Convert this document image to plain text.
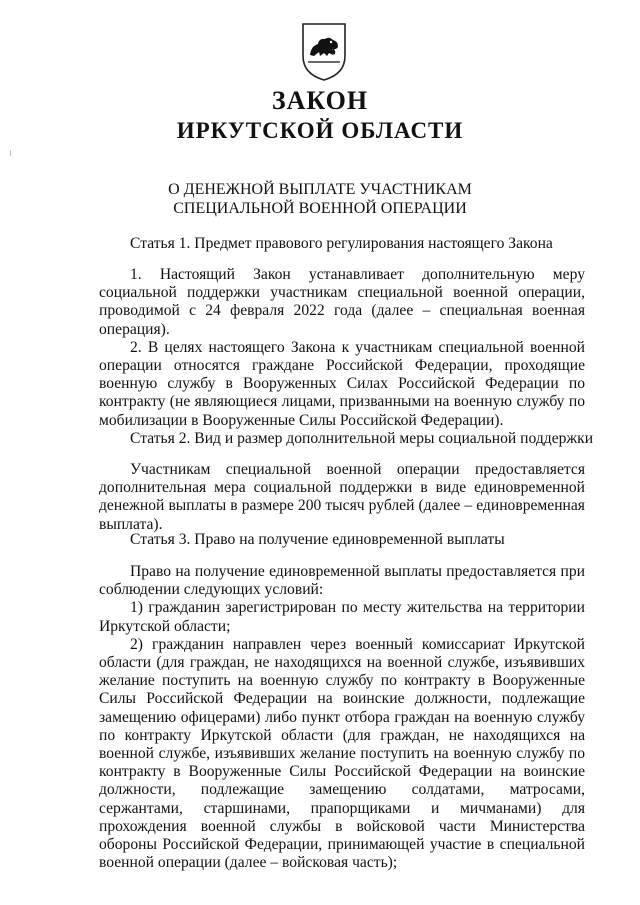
ЗАКОН
ИРКУТСКОЙ ОБЛАСТИ
О ДЕНЕЖНОЙ ВЫПЛАТЕ УЧАСТНИКАМ
СПЕЦИАЛЬНОЙ ВОЕННОЙ ОПЕРАЦИИ
Статья 1. Предмет правового регулирования настоящего Закона

1. Настоящий Закон устанавливает дополнительную меру социальной поддержки участникам специальной военной операции, проводимой с 24 февраля 2022 года (далее – специальная военная операция).

2. В целях настоящего Закона к участникам специальной военной операции относятся граждане Российской Федерации, проходящие военную службу в Вооруженных Силах Российской Федерации по контракту (не являющиеся лицами, призванными на военную службу по мобилизации в Вооруженные Силы Российской Федерации).

Статья 2. Вид и размер дополнительной меры социальной поддержки

Участникам специальной военной операции предоставляется дополнительная мера социальной поддержки в виде единовременной денежной выплаты в размере 200 тысяч рублей (далее – единовременная выплата).

Статья 3. Право на получение единовременной выплаты

Право на получение единовременной выплаты предоставляется при соблюдении следующих условий:

1) гражданин зарегистрирован по месту жительства на территории Иркутской области;

2) гражданин направлен через военный комиссариат Иркутской области (для граждан, не находящихся на военной службе, изъявивших желание поступить на военную службу по контракту в Вооруженные Силы Российской Федерации на воинские должности, подлежащие замещению офицерами) либо пункт отбора граждан на военную службу по контракту Иркутской области (для граждан, не находящихся на военной службе, изъявивших желание поступить на военную службу по контракту в Вооруженные Силы Российской Федерации на воинские должности, подлежащие замещению солдатами, матросами, сержантами, старшинами, прапорщиками и мичманами) для прохождения военной службы в войсковой части Министерства обороны Российской Федерации, принимающей участие в специальной военной операции (далее – войсковая часть);
